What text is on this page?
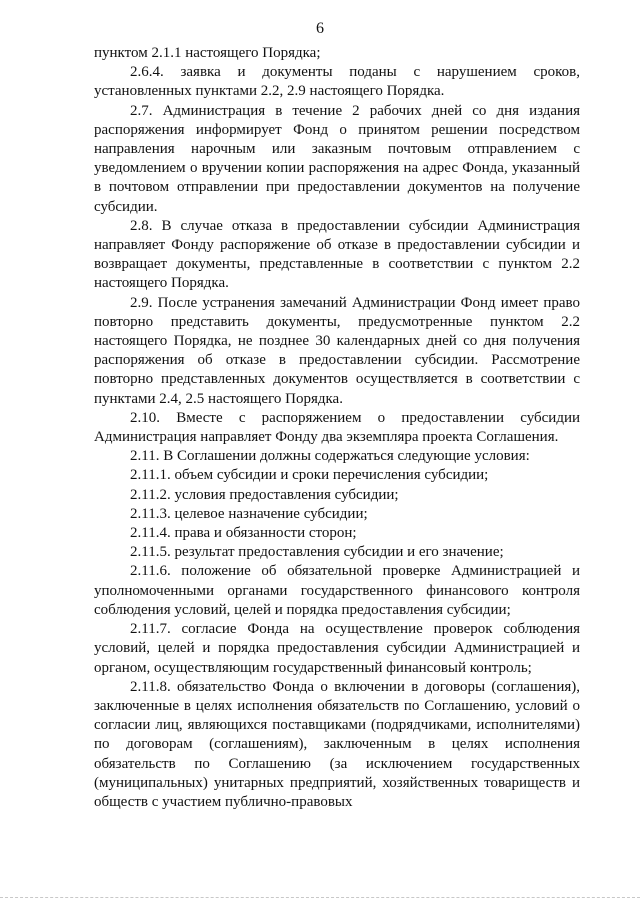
6

пунктом 2.1.1 настоящего Порядка;

2.6.4. заявка и документы поданы с нарушением сроков, установленных пунктами 2.2, 2.9 настоящего Порядка.

2.7. Администрация в течение 2 рабочих дней со дня издания распоряжения информирует Фонд о принятом решении посредством направления нарочным или заказным почтовым отправлением с уведомлением о вручении копии распоряжения на адрес Фонда, указанный в почтовом отправлении при предоставлении документов на получение субсидии.

2.8. В случае отказа в предоставлении субсидии Администрация направляет Фонду распоряжение об отказе в предоставлении субсидии и возвращает документы, представленные в соответствии с пунктом 2.2 настоящего Порядка.

2.9. После устранения замечаний Администрации Фонд имеет право повторно представить документы, предусмотренные пунктом 2.2 настоящего Порядка, не позднее 30 календарных дней со дня получения распоряжения об отказе в предоставлении субсидии. Рассмотрение повторно представленных документов осуществляется в соответствии с пунктами 2.4, 2.5 настоящего Порядка.

2.10. Вместе с распоряжением о предоставлении субсидии Администрация направляет Фонду два экземпляра проекта Соглашения.

2.11. В Соглашении должны содержаться следующие условия:

2.11.1. объем субсидии и сроки перечисления субсидии;

2.11.2. условия предоставления субсидии;

2.11.3. целевое назначение субсидии;

2.11.4. права и обязанности сторон;

2.11.5. результат предоставления субсидии и его значение;

2.11.6. положение об обязательной проверке Администрацией и уполномоченными органами государственного финансового контроля соблюдения условий, целей и порядка предоставления субсидии;

2.11.7. согласие Фонда на осуществление проверок соблюдения условий, целей и порядка предоставления субсидии Администрацией и органом, осуществляющим государственный финансовый контроль;

2.11.8. обязательство Фонда о включении в договоры (соглашения), заключенные в целях исполнения обязательств по Соглашению, условий о согласии лиц, являющихся поставщиками (подрядчиками, исполнителями) по договорам (соглашениям), заключенным в целях исполнения обязательств по Соглашению (за исключением государственных (муниципальных) унитарных предприятий, хозяйственных товариществ и обществ с участием публично-правовых
